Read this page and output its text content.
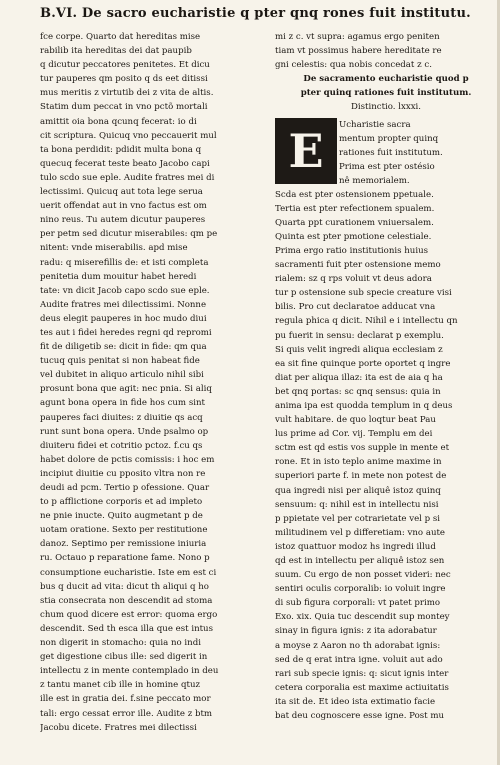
B.VI. De sacro eucharistie q pter qnq rones fuit institutu.
fce corpe. Quarto dat hereditas mise
rabilib ita hereditas dei dat paupib
q dicutur peccatores penitetes. Et dicu
tur pauperes qm posito q ds eet ditissi
mus meritis z virtutib dei z vita de altis.
Statim dum peccat in vno pctõ mortali
amittit oia bona qcunq fecerat: io di
cit scriptura. Quicuq vno peccauerit mul
ta bona perdidit: pdidit multa bona q
quecuq fecerat teste beato Jacobo capi
tulo scdo sue eple. Audite fratres mei di
lectissimi. Quicuq aut tota lege serua
uerit offendat aut in vno factus est om
nino reus. Tu autem dicutur pauperes
per petm sed dicutur miserabiles: qm pe
nitent: vnde miserabilis. apd mise
radu: q miserefillis de: et isti completa
penitetia dum mouitur habet heredi
tate: vn dicit Jacob capo scdo sue eple.
Audite fratres mei dilectissimi. Nonne
deus elegit pauperes in hoc mudo diui
tes aut i fidei heredes regni qd repromi
fit de diligetib se: dicit in fide: qm qua
tucuq quis penitat si non habeat fide
vel dubitet in aliquo articulo nihil sibi
prosunt bona que agit: nec pnia. Si aliq
agunt bona opera in fide hos cum sint
pauperes faci diuites: z diuitie qs acq
runt sunt bona opera. Unde psalmo op
diuiteru fidei et cotritio pctoz. f.cu qs
habet dolore de pctis comissis: i hoc em
incipiut diuitie cu pposito vltra non re
deudi ad pcm. Tertio p ofessione. Quar
to p afflictione corporis et ad impleto
ne pnie inucte. Quito augmetant p de
uotam oratione. Sexto per restitutione
danoz. Septimo per remissione iniuria
ru. Octauo p reparatione fame. Nono p
consumptione eucharistie. Iste em est ci
bus q ducit ad vita: dicut th aliqui q ho
stia consecrata non descendit ad stoma
chum quod dicere est error: quoma ergo
descendit. Sed th esca illa que est intus
non digerit in stomacho: quia no indi
get digestione cibus ille: sed digerit in
intellectu z in mente contemplado in deu
z tantu manet cib ille in homine qtuz
ille est in gratia dei. f.sine peccato mor
tali: ergo cessat error ille. Audite z btm
Jacobu dicete. Fratres mei dilectissi
mi z c. vt supra: agamus ergo peniten
tiam vt possimus habere hereditate re
gni celestis: qua nobis concedat z c.
De sacramento eucharistie quod p
pter quinq rationes fuit institutum.
Distinctio. lxxxi.
E	Ucharistie sacra
mentum propter quinq
rationes fuit institutum.
Prima est pter ostésio
nê memorialem.
Scda est pter ostensionem ppetuale.
Tertia est pter refectionem spualem.
Quarta ppt curationem vniuersalem.
Quinta est pter pmotione celestiale.
Prima ergo ratio institutionis huius
sacramenti fuit pter ostensione memo
rialem: sz q rps voluit vt deus adora
tur p ostensione sub specie creature visi
bilis. Pro cut declaratoe adducat vna
regula phica q dicit. Nihil e i intellectu qn
pu fuerit in sensu: declarat p exemplu.
Si quis velit ingredi aliqua ecclesiam z
ea sit fine quinque porte oportet q ingre
diat per aliqua illaz: ita est de aia q ha
bet qnq portas: sc qnq sensus: quia in
anima ipa est quodda templum in q deus
vult habitare. de quo loqtur beat Pau
lus prime ad Cor. vij. Templu em dei
sctm est qd estis vos supple in mente et
rone. Et in isto teplo anime maxime in
superiori parte f. in mete non potest de
qua ingredi nisi per aliquê istoz quinq
sensuum: q: nihil est in intellectu nisi
p ppietate vel per cotrarietate vel p si
militudinem vel p differetiam: vno aute
istoz quattuor modoz hs ingredi illud
qd est in intellectu per aliquê istoz sen
suum. Cu ergo de non posset videri: nec
sentiri oculis corporalib: io voluit ingre
di sub figura corporali: vt patet primo
Exo. xix. Quia tuc descendit sup montey
sinay in figura ignis: z ita adorabatur
a moyse z Aaron no th adorabat ignis:
sed de q erat intra igne. voluit aut ado
rari sub specie ignis: q: sicut ignis inter
cetera corporalia est maxime actiuitatis
ita sit de. Et ideo ista extimatio facie
bat deu cognoscere esse igne. Post mu
